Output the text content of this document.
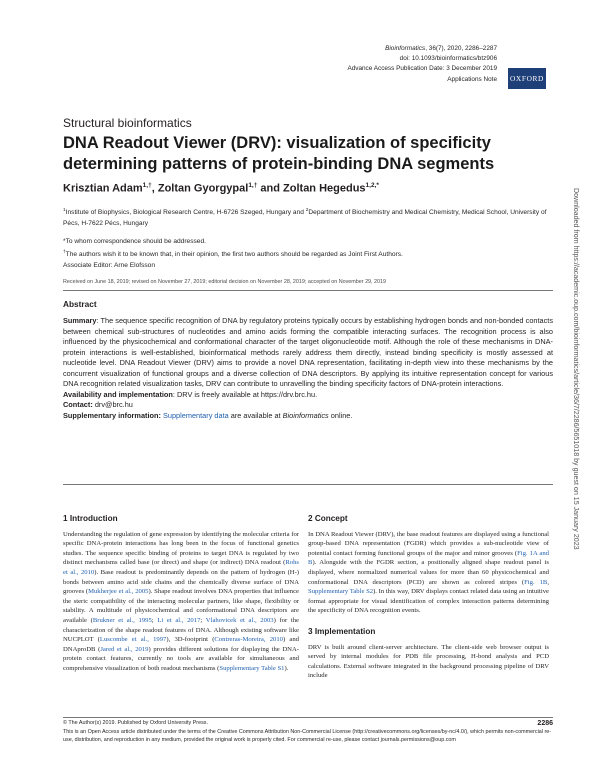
Bioinformatics, 36(7), 2020, 2286–2287
doi: 10.1093/bioinformatics/btz906
Advance Access Publication Date: 3 December 2019
Applications Note OXFORD
Structural bioinformatics
DNA Readout Viewer (DRV): visualization of specificity determining patterns of protein-binding DNA segments
Krisztian Adam$^{1,\dagger}$, Zoltan Gyorgypal$^{1,\dagger}$ and Zoltan Hegedus$^{1,2,*}$
$^1$Institute of Biophysics, Biological Research Centre, H-6726 Szeged, Hungary and $^2$Department of Biochemistry and Medical Chemistry, Medical School, University of Pécs, H-7622 Pécs, Hungary
*To whom correspondence should be addressed.
†The authors wish it to be known that, in their opinion, the first two authors should be regarded as Joint First Authors.
Associate Editor: Arne Elofsson
Received on June 18, 2019; revised on November 27, 2019; editorial decision on November 28, 2019; accepted on November 29, 2019
Abstract

Summary: The sequence specific recognition of DNA by regulatory proteins typically occurs by establishing hydrogen bonds and non-bonded contacts between chemical sub-structures of nucleotides and amino acids forming the compatible interacting surfaces. The recognition process is also influenced by the physicochemical and conformational character of the target oligonucleotide motif. Although the role of these mechanisms in DNA-protein interactions is well-established, bioinformatical methods rarely address them directly, instead binding specificity is mostly assessed at nucleotide level. DNA Readout Viewer (DRV) aims to provide a novel DNA representation, facilitating in-depth view into these mechanisms by the concurrent visualization of functional groups and a diverse collection of DNA descriptors. By applying its intuitive representation concept for various DNA recognition related visualization tasks, DRV can contribute to unravelling the binding specificity factors of DNA-protein interactions.

Availability and implementation: DRV is freely available at https://drv.brc.hu.

Contact: drv@brc.hu

Supplementary information: Supplementary data are available at Bioinformatics online.

1 Introduction

Understanding the regulation of gene expression by identifying the molecular criteria for specific DNA-protein interactions has long been in the focus of functional genetics studies. The sequence specific binding of proteins to target DNA is regulated by two distinct mechanisms called base (or direct) and shape (or indirect) DNA readout (Rohs et al., 2010). Base readout is predominantly depends on the pattern of hydrogen (H-) bonds between amino acid side chains and the chemically diverse surface of DNA grooves (Mukherjee et al., 2005). Shape readout involves DNA properties that influence the steric compatibility of the interacting molecular partners, like shape, flexibility or stability. A multitude of physicochemical and conformational DNA descriptors are available (Brukner et al., 1995; Li et al., 2017; Vlahovicek et al., 2003) for the characterization of the shape readout features of DNA. Although existing software like NUCPLOT (Luscombe et al., 1997), 3D-footprint (Contreras-Moreira, 2010) and DNAproDB (Jared et al., 2019) provides different solutions for displaying the DNA-protein contact features, currently no tools are available for simultaneous and comprehensive visualization of both readout mechanisms (Supplementary Table S1).

2 Concept

In DNA Readout Viewer (DRV), the base readout features are displayed using a functional group-based DNA representation (FGDR) which provides a sub-nucleotide view of potential contact forming functional groups of the major and minor grooves (Fig. 1A and B). Alongside with the FGDR section, a positionally aligned shape readout panel is displayed, where normalized numerical values for more than 60 physicochemical and conformational DNA descriptors (PCD) are shown as colored stripes (Fig. 1B, Supplementary Table S2). In this way, DRV displays contact related data using an intuitive format appropriate for visual identification of complex interaction patterns determining the specificity of DNA recognition events.

3 Implementation

DRV is built around client-server architecture. The client-side web browser output is served by internal modules for PDB file processing, H-bond analysis and PCD calculations. External software integrated in the background processing pipeline of DRV include

© The Author(s) 2019. Published by Oxford University Press.	2286
This is an Open Access article distributed under the terms of the Creative Commons Attribution Non-Commercial License (http://creativecommons.org/licenses/by-nc/4.0/), which permits non-commercial re-use, distribution, and reproduction in any medium, provided the original work is properly cited. For commercial re-use, please contact journals.permissions@oup.com
Downloaded from https://academic.oup.com/bioinformatics/article/36/7/2286/5651018 by guest on 15 January 2023
